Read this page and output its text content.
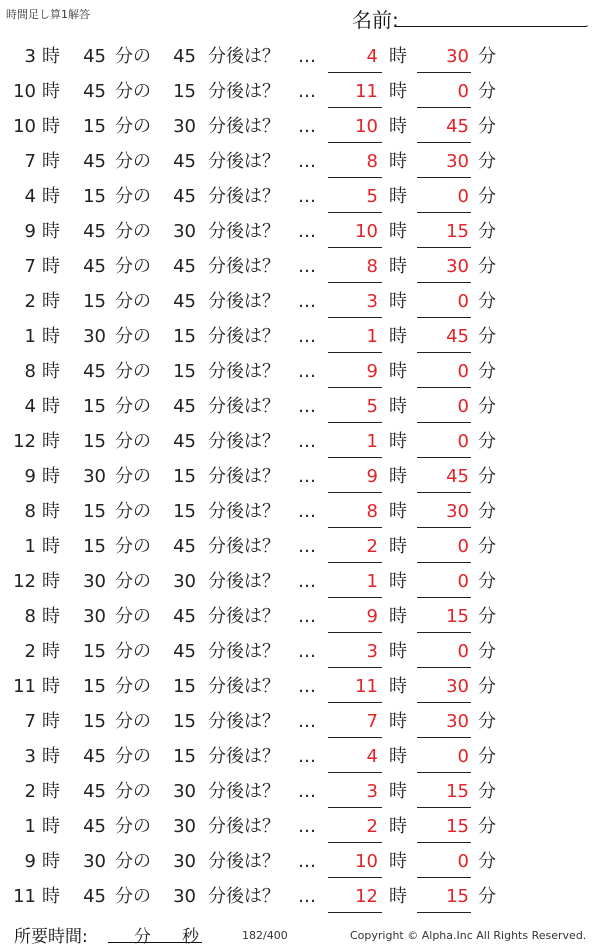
時間足し算1解答	名前:	.
3 時 45 分の 45 分後は？ …	4 時	30 分
10 時 45 分の 15 分後は？ …	11 時	0 分
10 時 15 分の 30 分後は？ …	10 時	45 分
7 時 45 分の 45 分後は？ …	8 時	30 分
4 時 15 分の 45 分後は？ …	5 時	0 分
9 時 45 分の 30 分後は？ …	10 時	15 分
7 時 45 分の 45 分後は？ …	8 時	30 分
2 時 15 分の 45 分後は？ …	3 時	0 分
1 時 30 分の 15 分後は？ …	1 時	45 分
8 時 45 分の 15 分後は？ …	9 時	0 分
4 時 15 分の 45 分後は？ …	5 時	0 分
12 時 15 分の 45 分後は？ …	1 時	0 分
9 時 30 分の 15 分後は？ …	9 時	45 分
8 時 15 分の 15 分後は？ …	8 時	30 分
1 時 15 分の 45 分後は？ …	2 時	0 分
12 時 30 分の 30 分後は？ …	1 時	0 分
8 時 30 分の 45 分後は？ …	9 時	15 分
2 時 15 分の 45 分後は？ …	3 時	0 分
11 時 15 分の 15 分後は？ …	11 時	30 分
7 時 15 分の 15 分後は？ …	7 時	30 分
3 時 45 分の 15 分後は？ …	4 時	0 分
2 時 45 分の 30 分後は？ …	3 時	15 分
1 時 45 分の 30 分後は？ …	2 時	15 分
9 時 30 分の 30 分後は？ …	10 時	0 分
11 時 45 分の 30 分後は？ …	12 時	15 分
所要時間:	分 秒	182/400	Copyright © Alpha.Inc All Rights Reserved.
